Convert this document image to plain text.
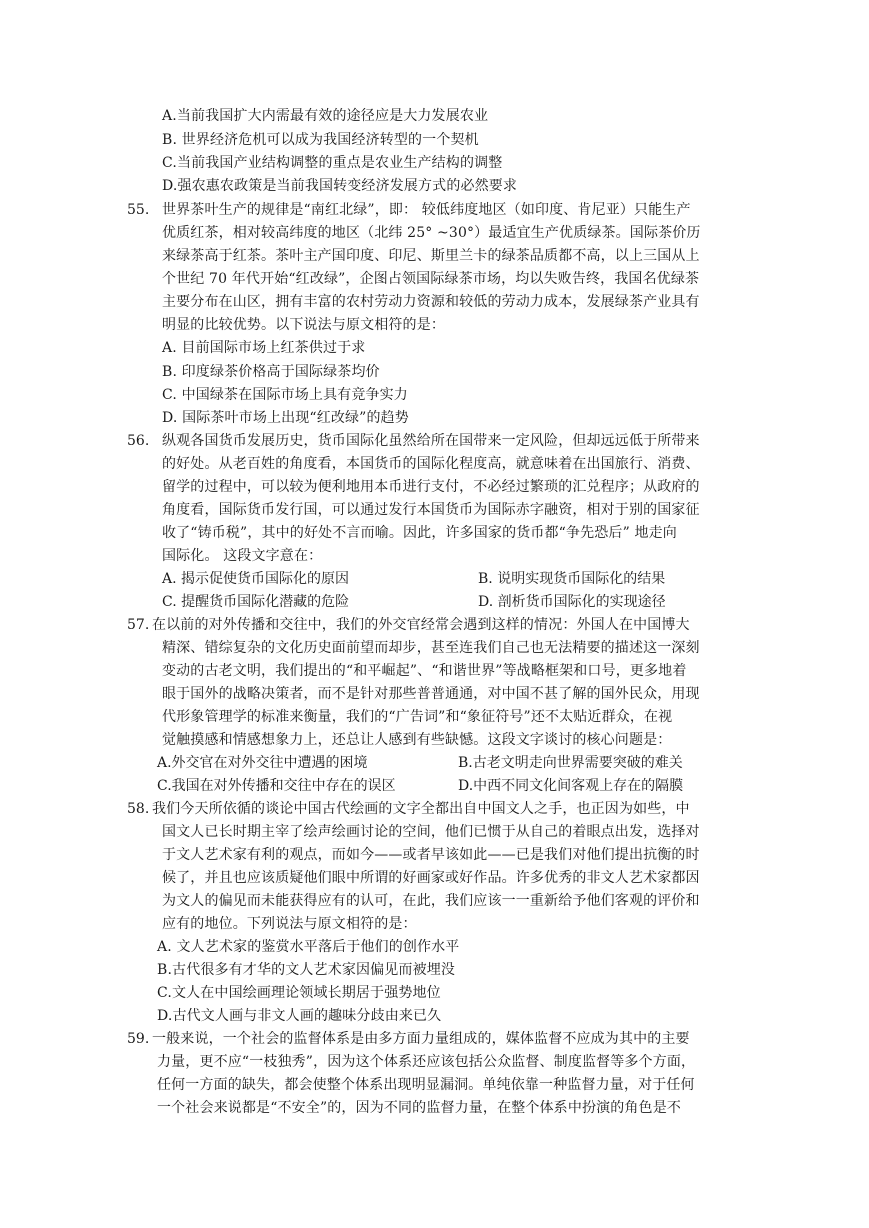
A.当前我国扩大内需最有效的途径应是大力发展农业
B. 世界经济危机可以成为我国经济转型的一个契机
C.当前我国产业结构调整的重点是农业生产结构的调整
D.强农惠农政策是当前我国转变经济发展方式的必然要求
55. 世界茶叶生产的规律是“南红北绿”，即： 较低纬度地区（如印度、肯尼亚）只能生产
优质红茶，相对较高纬度的地区（北纬 25° ~30°）最适宜生产优质绿茶。国际茶价历
来绿茶高于红茶。茶叶主产国印度、印尼、斯里兰卡的绿茶品质都不高，以上三国从上
个世纪 70 年代开始“红改绿”，企图占领国际绿茶市场，均以失败告终，我国名优绿茶
主要分布在山区，拥有丰富的农村劳动力资源和较低的劳动力成本，发展绿茶产业具有
明显的比较优势。以下说法与原文相符的是：
A. 目前国际市场上红茶供过于求
B. 印度绿茶价格高于国际绿茶均价
C. 中国绿茶在国际市场上具有竞争实力
D. 国际茶叶市场上出现“红改绿”的趋势
56. 纵观各国货币发展历史，货币国际化虽然给所在国带来一定风险，但却远远低于所带来
的好处。从老百姓的角度看，本国货币的国际化程度高，就意味着在出国旅行、消费、
留学的过程中，可以较为便利地用本币进行支付，不必经过繁琐的汇兑程序；从政府的
角度看，国际货币发行国，可以通过发行本国货币为国际赤字融资，相对于别的国家征
收了“铸币税”，其中的好处不言而喻。因此，许多国家的货币都“争先恐后” 地走向
国际化。 这段文字意在：
A. 揭示促使货币国际化的原因	B. 说明实现货币国际化的结果
C. 提醒货币国际化潜藏的危险	D. 剖析货币国际化的实现途径
57. 在以前的对外传播和交往中，我们的外交官经常会遇到这样的情况：外国人在中国博大
精深、错综复杂的文化历史面前望而却步，甚至连我们自己也无法精要的描述这一深刻
变动的古老文明，我们提出的“和平崛起”、“和谐世界”等战略框架和口号，更多地着
眼于国外的战略决策者，而不是针对那些普普通通，对中国不甚了解的国外民众，用现
代形象管理学的标准来衡量，我们的“广告词”和“象征符号”还不太贴近群众，在视
觉触摸感和情感想象力上，还总让人感到有些缺憾。这段文字谈讨的核心问题是：
A.外交官在对外交往中遭遇的困境	B.古老文明走向世界需要突破的难关
C.我国在对外传播和交往中存在的误区	D.中西不同文化间客观上存在的隔膜
58. 我们今天所依循的谈论中国古代绘画的文字全都出自中国文人之手，也正因为如些，中
国文人已长时期主宰了绘声绘画讨论的空间，他们已惯于从自己的着眼点出发，选择对
于文人艺术家有利的观点，而如今——或者早该如此——已是我们对他们提出抗衡的时
候了，并且也应该质疑他们眼中所谓的好画家或好作品。许多优秀的非文人艺术家都因
为文人的偏见而未能获得应有的认可，在此，我们应该一一重新给予他们客观的评价和
应有的地位。下列说法与原文相符的是：
A. 文人艺术家的鉴赏水平落后于他们的创作水平
B.古代很多有才华的文人艺术家因偏见而被埋没
C.文人在中国绘画理论领域长期居于强势地位
D.古代文人画与非文人画的趣味分歧由来已久
59. 一般来说，一个社会的监督体系是由多方面力量组成的，媒体监督不应成为其中的主要
力量，更不应“一枝独秀”，因为这个体系还应该包括公众监督、制度监督等多个方面，
任何一方面的缺失，都会使整个体系出现明显漏洞。单纯依靠一种监督力量，对于任何
一个社会来说都是“不安全”的，因为不同的监督力量，在整个体系中扮演的角色是不
